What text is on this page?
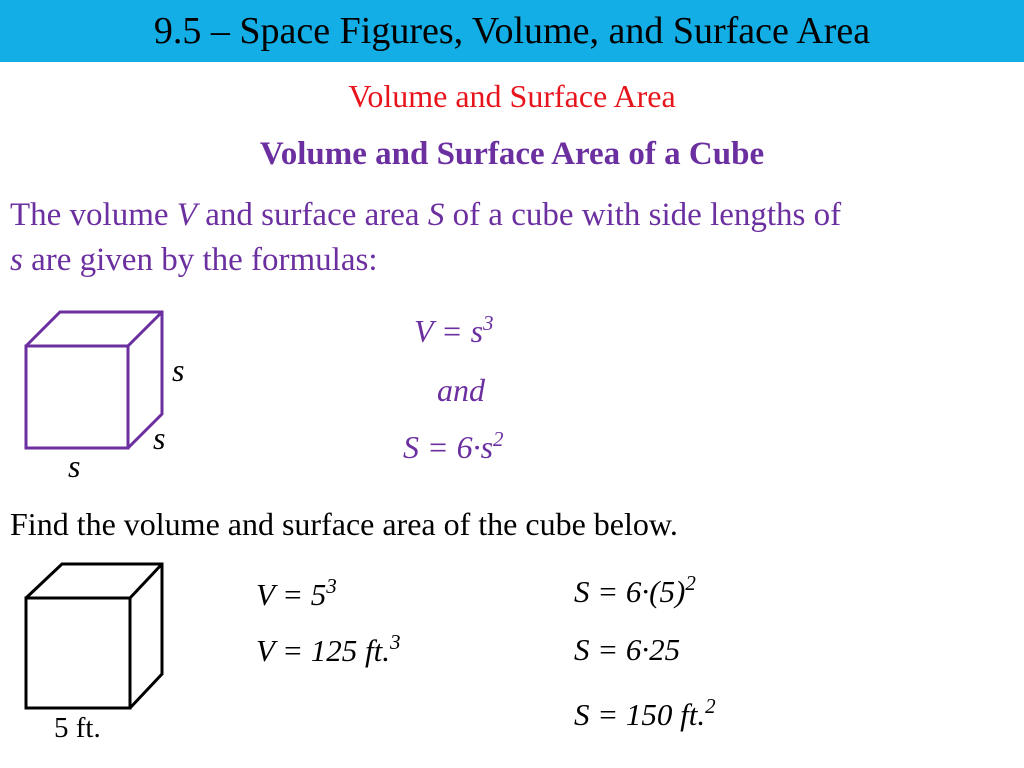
9.5 – Space Figures, Volume, and Surface Area
Volume and Surface Area
Volume and Surface Area of a Cube
The volume V and surface area S of a cube with side lengths of
s are given by the formulas:
s
s
s
$V = s^3$
and
$S = 6\cdot s^2$
Find the volume and surface area of the cube below.
5 ft.
$V = 5^3$
V = 125 ft.$^3$
$S = 6\cdot(5)^2$
S = 6·25
S = 150 ft.$^2$
